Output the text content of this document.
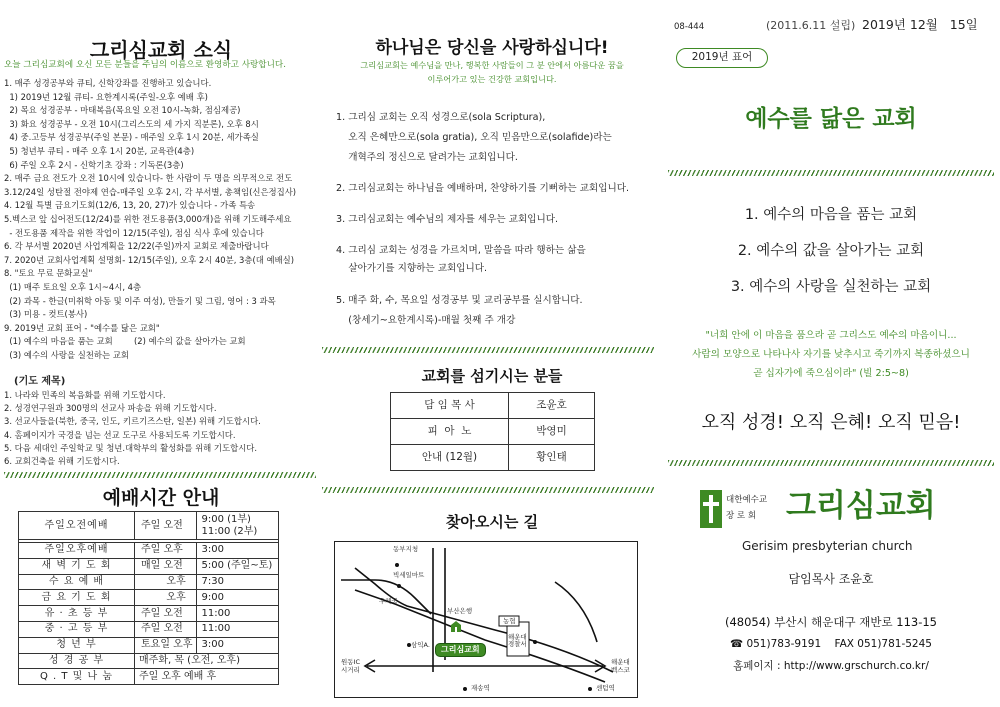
그리심교회 소식
오늘 그리심교회에 오신 모든 분들을 주님의 이름으로 환영하고 사랑합니다.
1. 매주 성경공부와 큐티, 신학강좌를 진행하고 있습니다.
1) 2019년 12월 큐티- 요한계시록(주일-오후 예배 후)
2) 목요 성경공부 - 마태복음(목요일 오전 10시-녹화, 점심제공)
3) 화요 성경공부 - 오전 10시(그리스도의 세 가지 직분론), 오후 8시
4) 중.고등부 성경공부(주일 본문) - 매주일 오후 1시 20분, 세가족실
5) 청년부 큐티 - 매주 오후 1시 20분, 교육관(4층)
6) 주일 오후 2시 - 신학기초 강좌 : 기독론(3층)
2. 매주 금요 전도가 오전 10시에 있습니다- 한 사람이 두 명을 의무적으로 전도
3.12/24일 성탄절 전야제 연습-매주일 오후 2시, 각 부서별, 총책임(신은정집사)
4. 12월 특별 금요기도회(12/6, 13, 20, 27)가 있습니다 - 가족 특송
5.벡스코 앞 십어전도(12/24)를 위한 전도용품(3,000개)을 위해 기도해주세요
- 전도용품 제작을 위한 작업이 12/15(주일), 점심 식사 후에 있습니다
6. 각 부서별 2020년 사업계획을 12/22(주일)까지 교회로 제출바랍니다
7. 2020년 교회사업계획 설명회- 12/15(주일), 오후 2시 40분, 3층(대 예배실)
8. "토요 무료 문화교실"
(1) 매주 토요일 오후 1시~4시, 4층
(2) 과목 - 한글(미취학 아동 및 이주 여성), 만들기 및 그림, 영어 : 3 과목
(3) 미용 - 컷트(봉사)
9. 2019년 교회 표어 - "예수를 닮은 교회"
(1) 예수의 마음을 품는 교회        (2) 예수의 값을 살아가는 교회
(3) 예수의 사랑을 실천하는 교회
(기도 제목)
1. 나라와 민족의 복음화를 위해 기도합시다.
2. 성경연구원과 300명의 선교사 파송을 위해 기도합시다.
3. 선교사들을(북한, 중국, 인도, 키르기즈스탄, 일본) 위해 기도합시다.
4. 홈페이지가 국경을 넘는 선교 도구로 사용되도록 기도합시다.
5. 다음 세대인 주일학교 및 청년.대학부의 활성화를 위해 기도합시다.
6. 교회건축을 위해 기도합시다.
예배시간 안내
주일오전예배	주일 오전	9:00 (1부)
11:00 (2부)

주일오후예배	주일 오후	3:00
새 벽 기 도 회	매일 오전	5:00 (주일~토)
수 요 예 배	오후	7:30
금 요 기 도 회	오후	9:00
유 · 초 등 부	주일 오전	11:00
중 · 고 등 부	주일 오전	11:00
청 년 부	토요일 오후	3:00
성 경 공 부	매주화, 목 (오전, 오후)	
Q . T 및 나 눔	주일 오후 예배 후	
하나님은 당신을 사랑하십니다!
그리심교회는 예수님을 만나, 행복한 사람들이 그 분 안에서 아름다운 꿈을
이루어가고 있는 건강한 교회입니다.
1. 그리심 교회는 오직 성경으로(sola Scriptura),
오직 은혜만으로(sola gratia), 오직 믿음만으로(solafide)라는
개혁주의 정신으로 달려가는 교회입니다.
2. 그리심교회는 하나님을 예배하며, 찬양하기를 기뻐하는 교회입니다.
3. 그리심교회는 예수님의 제자를 세우는 교회입니다.
4. 그리심 교회는 성경을 가르치며, 말씀을 따라 행하는 삶을
살아가기를 지향하는 교회입니다.
5. 매주 화, 수, 목요일 성경공부 및 교리공부를 실시합니다.
(창세기~요한계시록)-매월 첫째 주 개강
교회를 섬기시는 분들
담 임 목 사	조윤호
피  아  노	박영미
안내 (12월)	황인태
찾아오시는 길
동부지청
빅세일마트
우체국
부산은행
농협
해운대
경찰서
삼익A.	그리심교회
원동IC
시거리
해운대
벡스코
재송역	센텀역
08-444	(2011.6.11 설립) 2019년 12월   15일
2019년 표어
예수를 닮은 교회
1. 예수의 마음을 품는 교회
2. 예수의 값을 살아가는 교회
3. 예수의 사랑을 실천하는 교회
"너희 안에 이 마음을 품으라 곧 그리스도 예수의 마음이니...
사람의 모양으로 나타나사 자기를 낮추시고 죽기까지 복종하셨으니
곧 십자가에 죽으심이라" (빌 2:5~8)
오직 성경! 오직 은혜! 오직 믿음!
대한예수교
장 로 회 그리심교회
Gerisim presbyterian church
담임목사 조윤호
(48054) 부산시 해운대구 재반로 113-15
☎ 051)783-9191    FAX 051)781-5245
홈페이지 : http://www.grschurch.co.kr/
